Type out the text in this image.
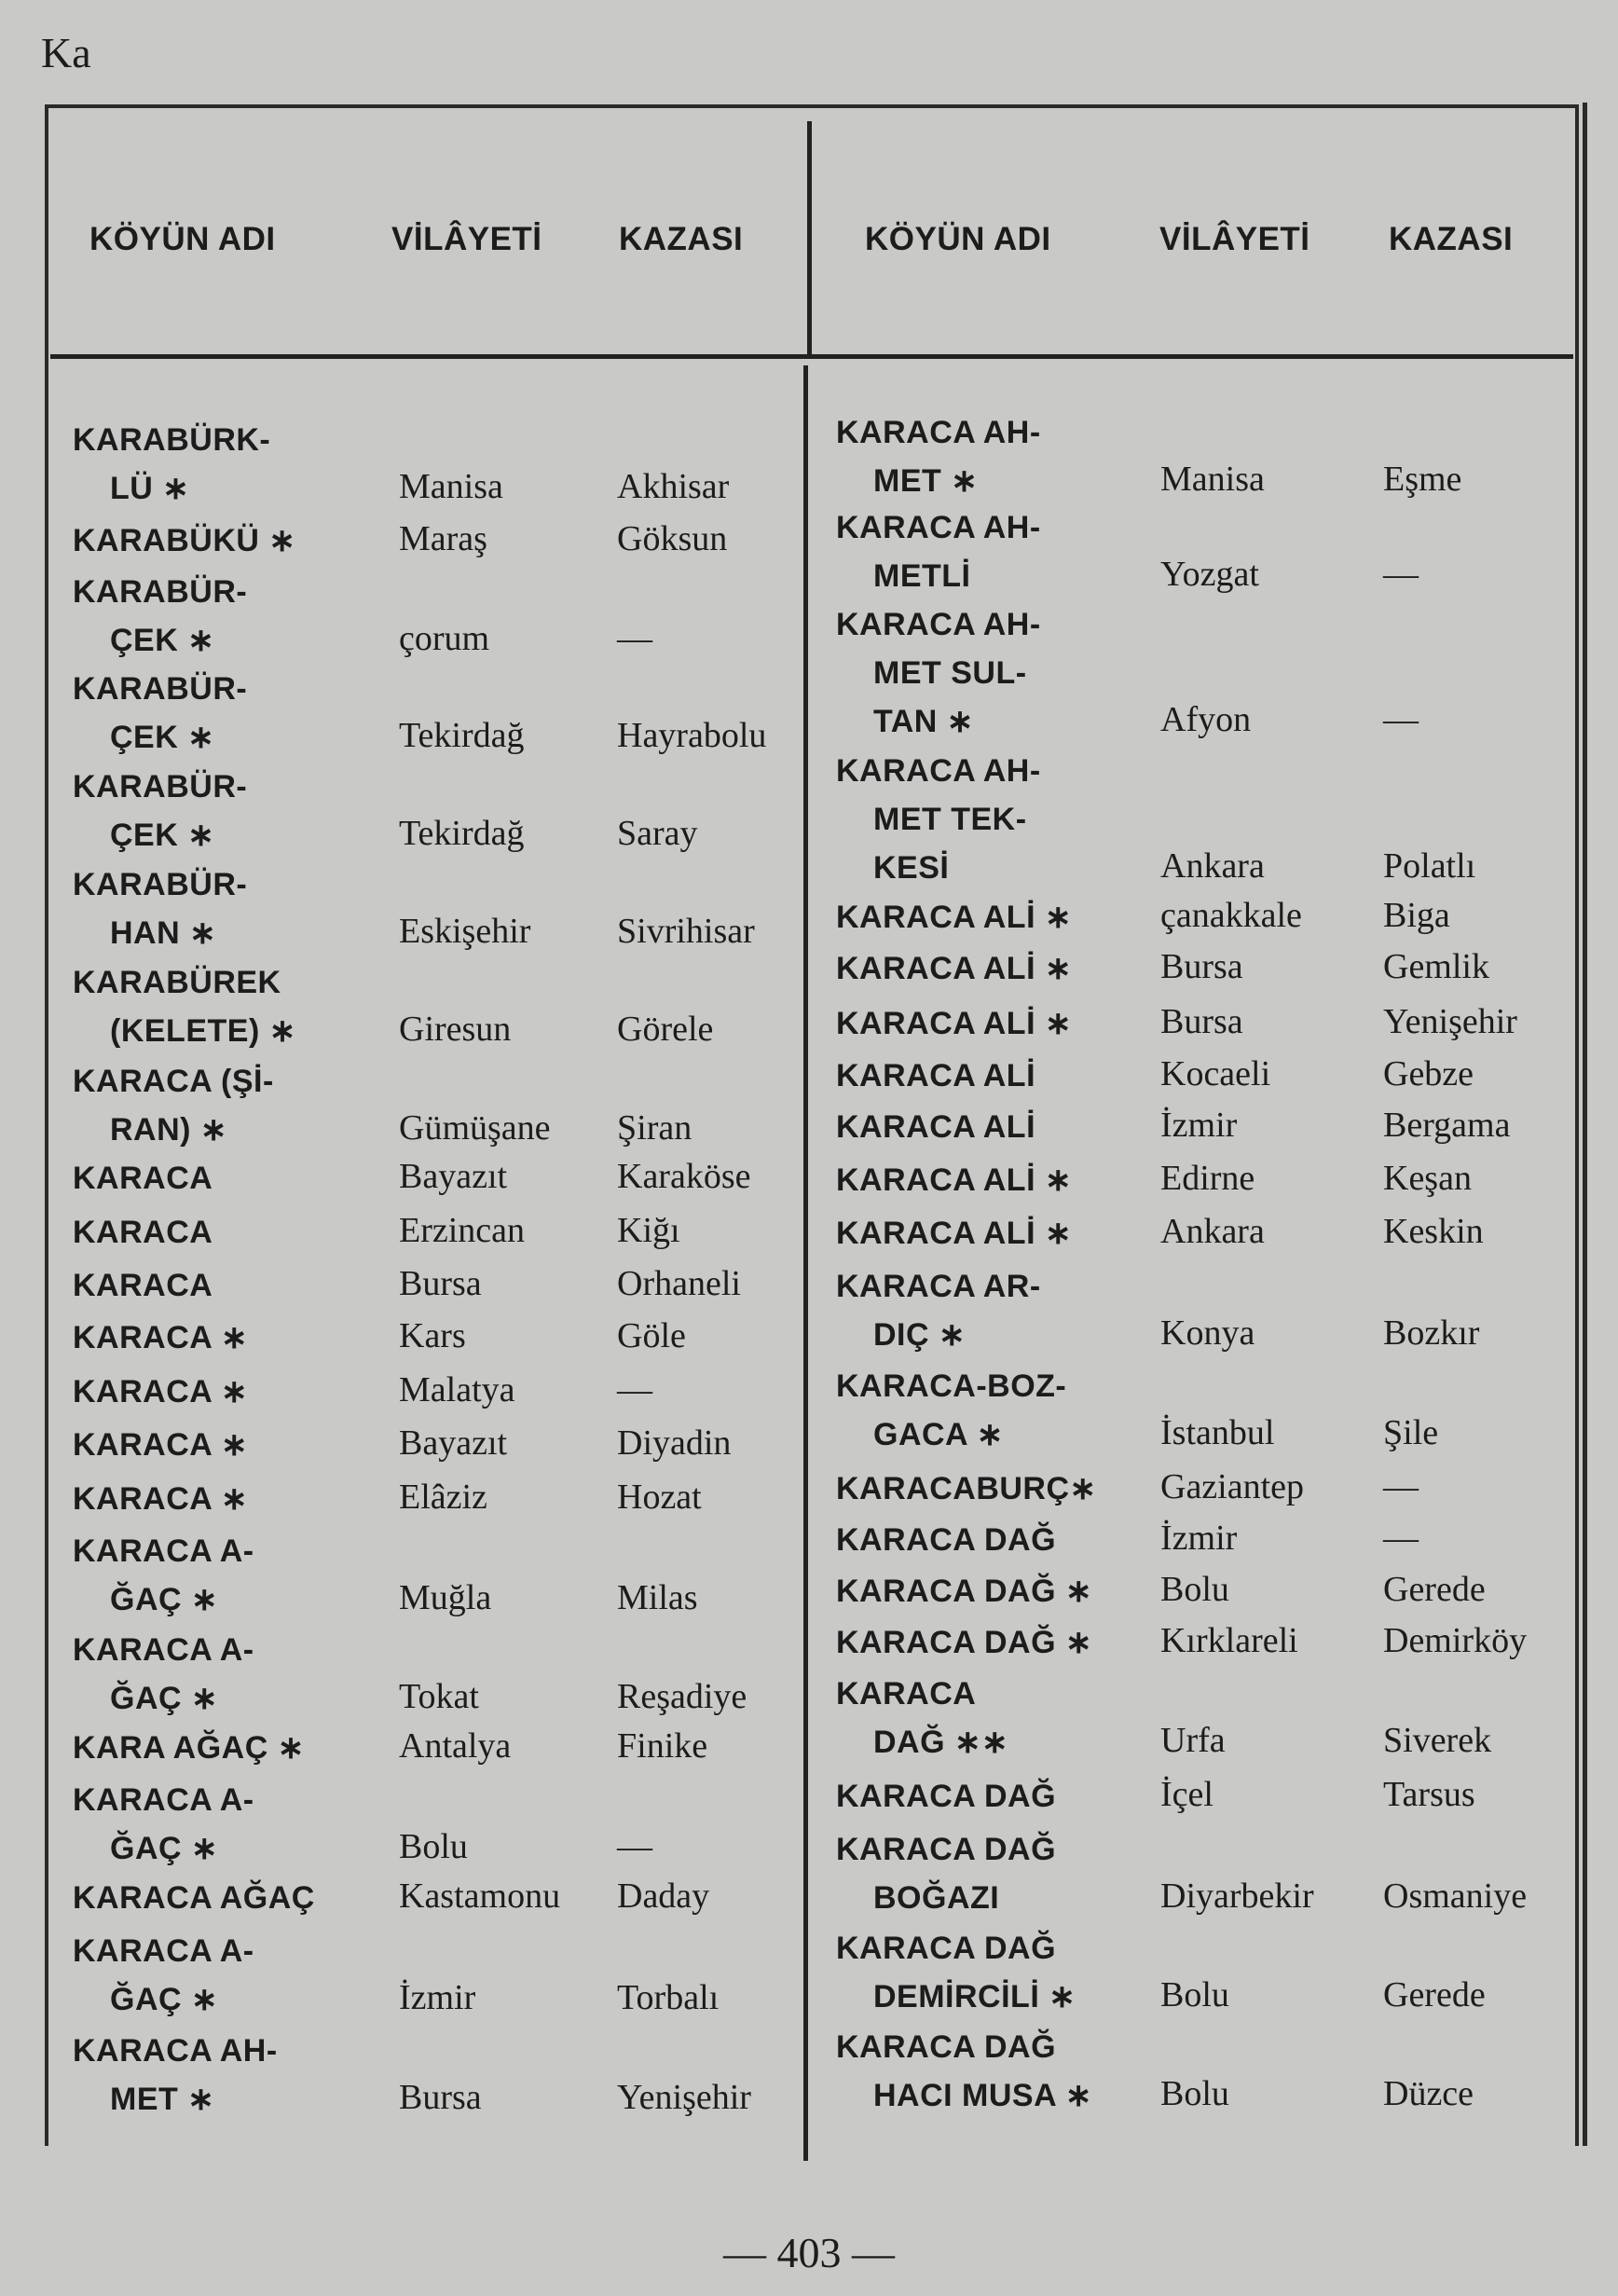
Ka
KÖYÜN ADI	VİLÂYETİ KAZASI	KÖYÜN ADI	VİLÂYETİ KAZASI
KARABÜRK-
LÜ ∗	Manisa	Akhisar
KARABÜKÜ ∗	Maraş	Göksun
KARABÜR-
ÇEK ∗	çorum	—
KARABÜR-
ÇEK ∗	Tekirdağ	Hayrabolu
KARABÜR-
ÇEK ∗	Tekirdağ	Saray
KARABÜR-
HAN ∗	Eskişehir Sivrihisar
KARABÜREK
(KELETE) ∗	Giresun	Görele
KARACA (Şİ-
RAN) ∗	Gümüşane Şiran
KARACA	Bayazıt	Karaköse
KARACA	Erzincan	Kiğı
KARACA	Bursa	Orhaneli
KARACA ∗	Kars	Göle
KARACA ∗	Malatya	—
KARACA ∗	Bayazıt	Diyadin
KARACA ∗	Elâziz	Hozat
KARACA A-
ĞAÇ ∗	Muğla	Milas
KARACA A-
ĞAÇ ∗	Tokat	Reşadiye
KARA AĞAÇ ∗	Antalya	Finike
KARACA A-
ĞAÇ ∗	Bolu	—
KARACA AĞAÇ Kastamonu Daday
KARACA A-
ĞAÇ ∗	İzmir	Torbalı
KARACA AH-
MET ∗	Bursa	Yenişehir
KARACA AH-
MET ∗	Manisa	Eşme
KARACA AH-
METLİ	Yozgat	—
KARACA AH-
MET SUL-
TAN ∗	Afyon	—
KARACA AH-
MET TEK-
KESİ	Ankara	Polatlı
KARACA ALİ ∗	çanakkale Biga
KARACA ALİ ∗	Bursa	Gemlik
KARACA ALİ ∗	Bursa	Yenişehir
KARACA ALİ	Kocaeli	Gebze
KARACA ALİ	İzmir	Bergama
KARACA ALİ ∗	Edirne	Keşan
KARACA ALİ ∗	Ankara	Keskin
KARACA AR-
DIÇ ∗	Konya	Bozkır
KARACA-BOZ-
GACA ∗	İstanbul	Şile
KARACABURÇ∗ Gaziantep —
KARACA DAĞ	İzmir	—
KARACA DAĞ ∗ Bolu	Gerede
KARACA DAĞ ∗ Kırklareli Demirköy
KARACA
DAĞ ∗∗	Urfa	Siverek
KARACA DAĞ	İçel	Tarsus
KARACA DAĞ
BOĞAZI	Diyarbekir Osmaniye
KARACA DAĞ
DEMİRCİLİ ∗ Bolu	Gerede
KARACA DAĞ
HACI MUSA ∗ Bolu	Düzce
— 403 —
